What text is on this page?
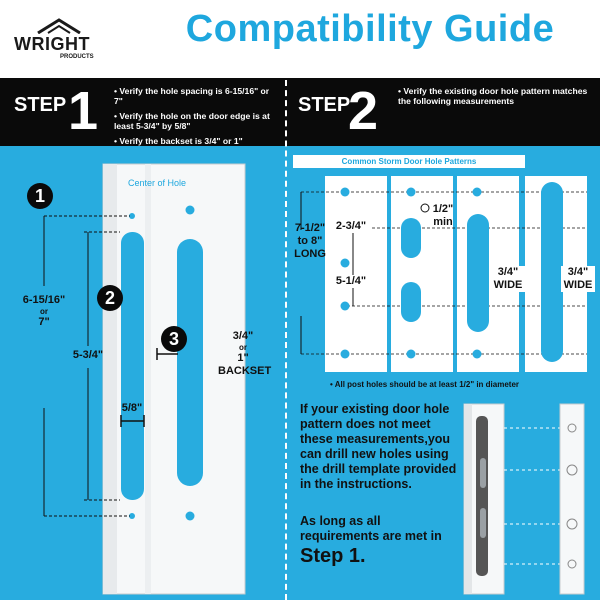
WRIGHT
PRODUCTS
Compatibility Guide
STEP 1	• Verify the hole spacing is 6-15/16" or 7"
• Verify the hole on the door edge is at least 5-3/4" by 5/8"
• Verify the backset is 3/4" or 1"
STEP
2	• Verify the existing door hole pattern matches the following measurements
Center of Hole
1
2
3
6-15/16"
or
7"
5-3/4"
5/8"
3/4"
or
1"
BACKSET
Common Storm Door Hole Patterns
7-1/2"
to 8"
LONG
2-3/4"
5-1/4"
1/2"
min
3/4"
WIDE
3/4"
WIDE
• All post holes should be at least 1/2" in diameter
If your existing door hole pattern does not meet these measurements,you can drill new holes using the drill template provided in the instructions.
As long as all requirements are met in
Step 1.
